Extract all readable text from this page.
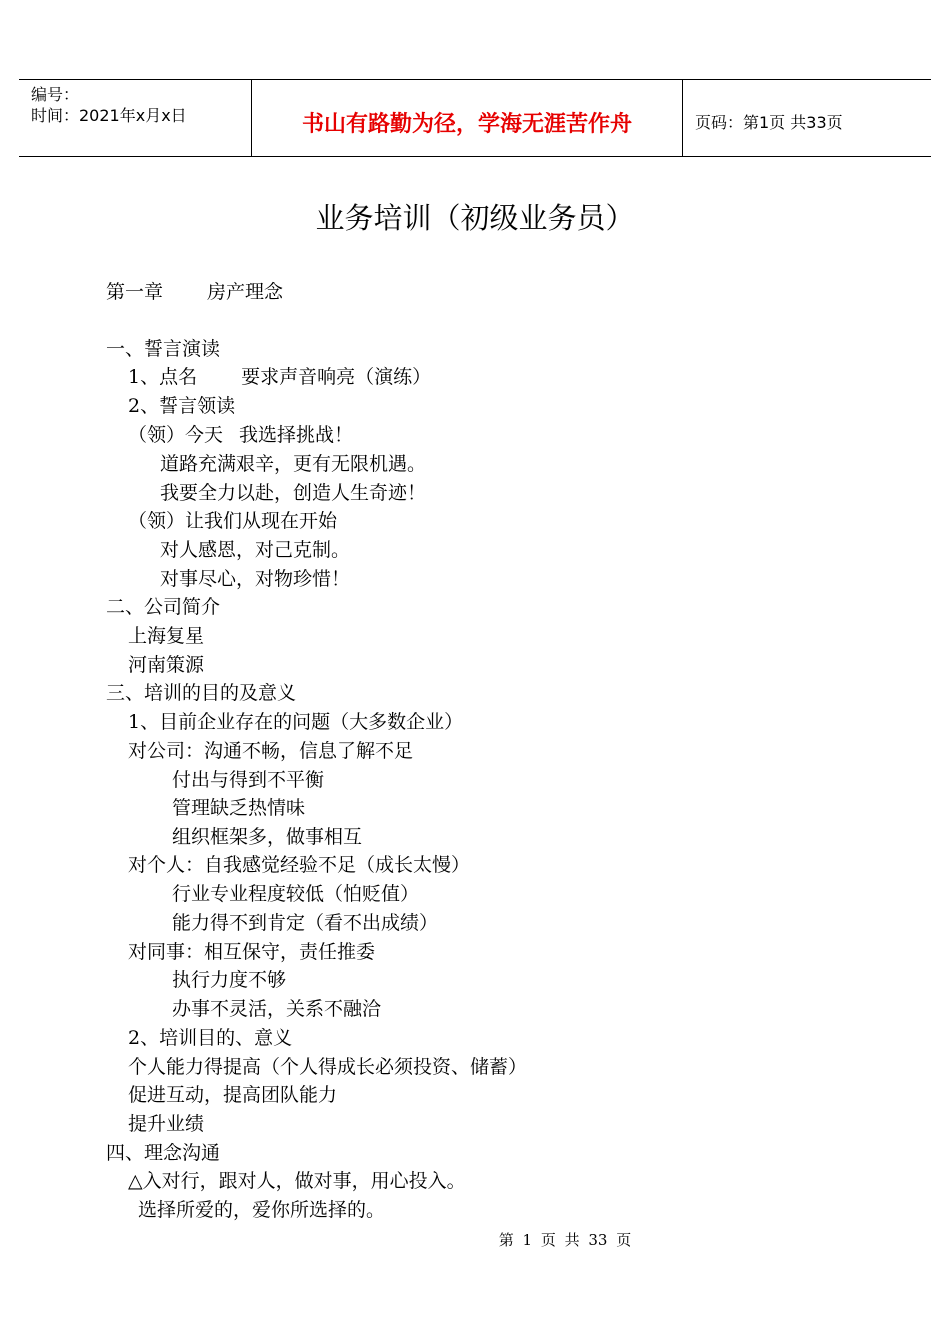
编号：
时间：2021年x月x日	书山有路勤为径，学海无涯苦作舟	页码：第1页 共33页
业务培训（初级业务员）
第一章 房产理念
一、誓言演读
1、点名 要求声音响亮（演练）
2、誓言领读
（领）今天 我选择挑战！
道路充满艰辛，更有无限机遇。
我要全力以赴，创造人生奇迹！
（领）让我们从现在开始
对人感恩，对己克制。
对事尽心，对物珍惜！
二、公司简介
上海复星
河南策源
三、培训的目的及意义
1、目前企业存在的问题（大多数企业）
对公司：沟通不畅，信息了解不足
付出与得到不平衡
管理缺乏热情味
组织框架多，做事相互
对个人：自我感觉经验不足（成长太慢）
行业专业程度较低（怕贬值）
能力得不到肯定（看不出成绩）
对同事：相互保守，责任推委
执行力度不够
办事不灵活，关系不融洽
2、培训目的、意义
个人能力得提高（个人得成长必须投资、储蓄）
促进互动，提高团队能力
提升业绩
四、理念沟通
△入对行，跟对人，做对事，用心投入。
选择所爱的，爱你所选择的。
第 1 页 共 33 页
